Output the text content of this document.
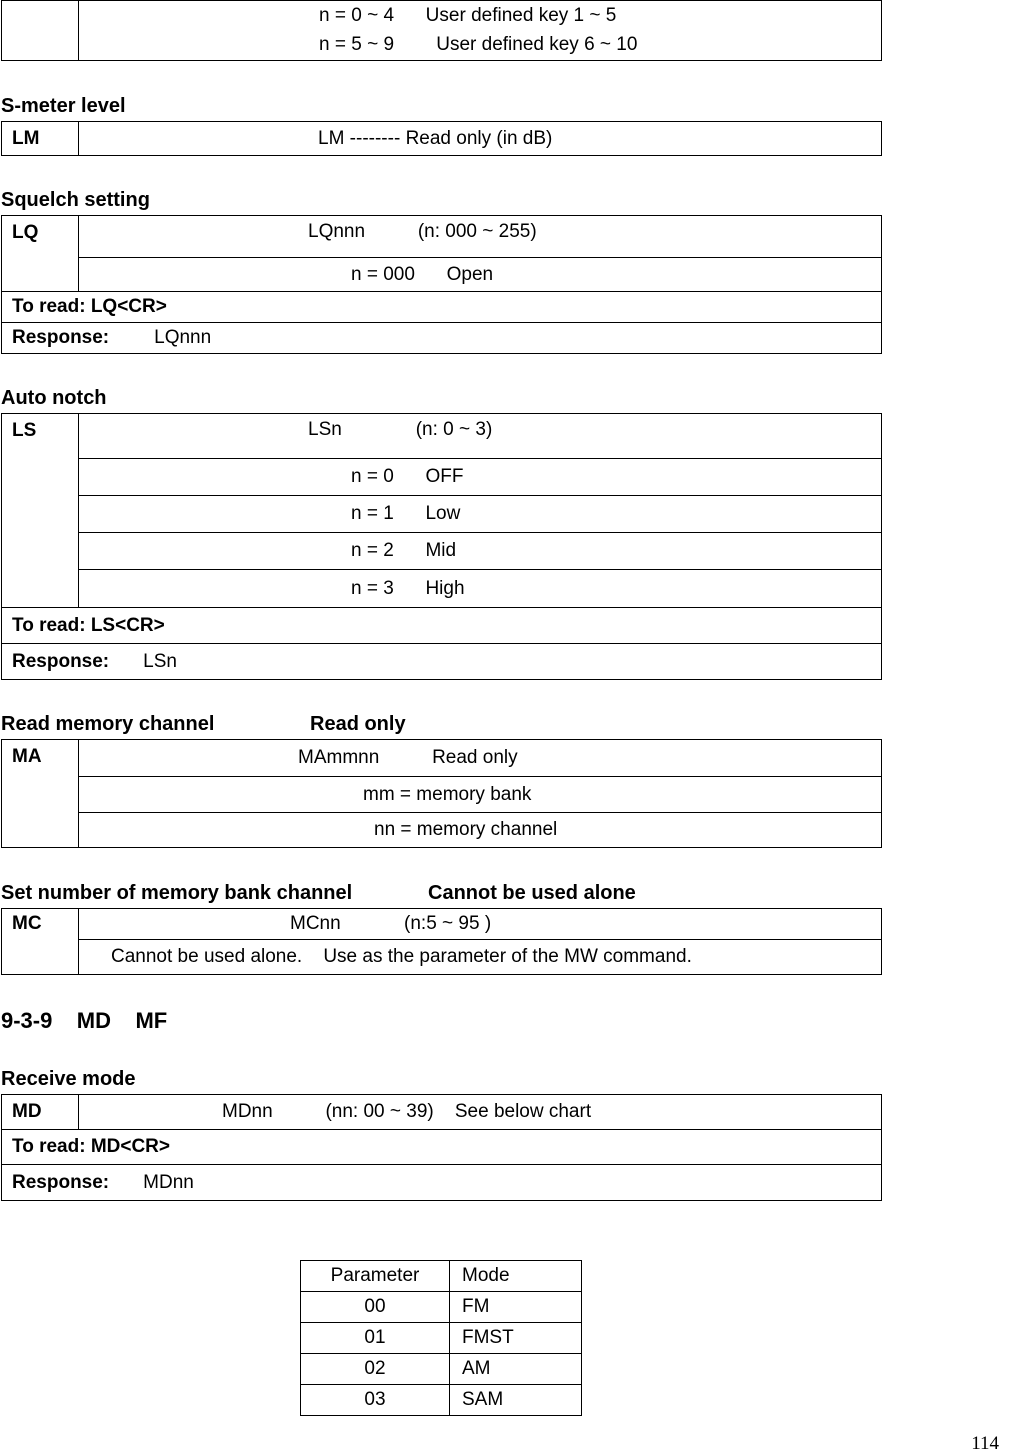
	n = 0 ~ 4      User defined key 1 ~ 5
n = 5 ~ 9        User defined key 6 ~ 10
S-meter level
LM	LM -------- Read only (in dB)
Squelch setting
LQ	LQnnn          (n: 000 ~ 255)
n = 000      Open
To read: LQ<CR>
Response: LQnnn
Auto notch
LS	LSn              (n: 0 ~ 3)
n = 0      OFF
n = 1      Low
n = 2      Mid
n = 3      High
To read: LS<CR>
Response: LSn
Read memory channel	Read only
MA	MAmmnn          Read only
mm = memory bank
nn = memory channel
Set number of memory bank channel	Cannot be used alone
MC	MCnn            (n:5 ~ 95 )
Cannot be used alone.    Use as the parameter of the MW command.
9-3-9    MD    MF
Receive mode
MD	MDnn          (nn: 00 ~ 39)    See below chart
To read: MD<CR>
Response: MDnn
Parameter	Mode
00	FM
01	FMST
02	AM
03	SAM
114
